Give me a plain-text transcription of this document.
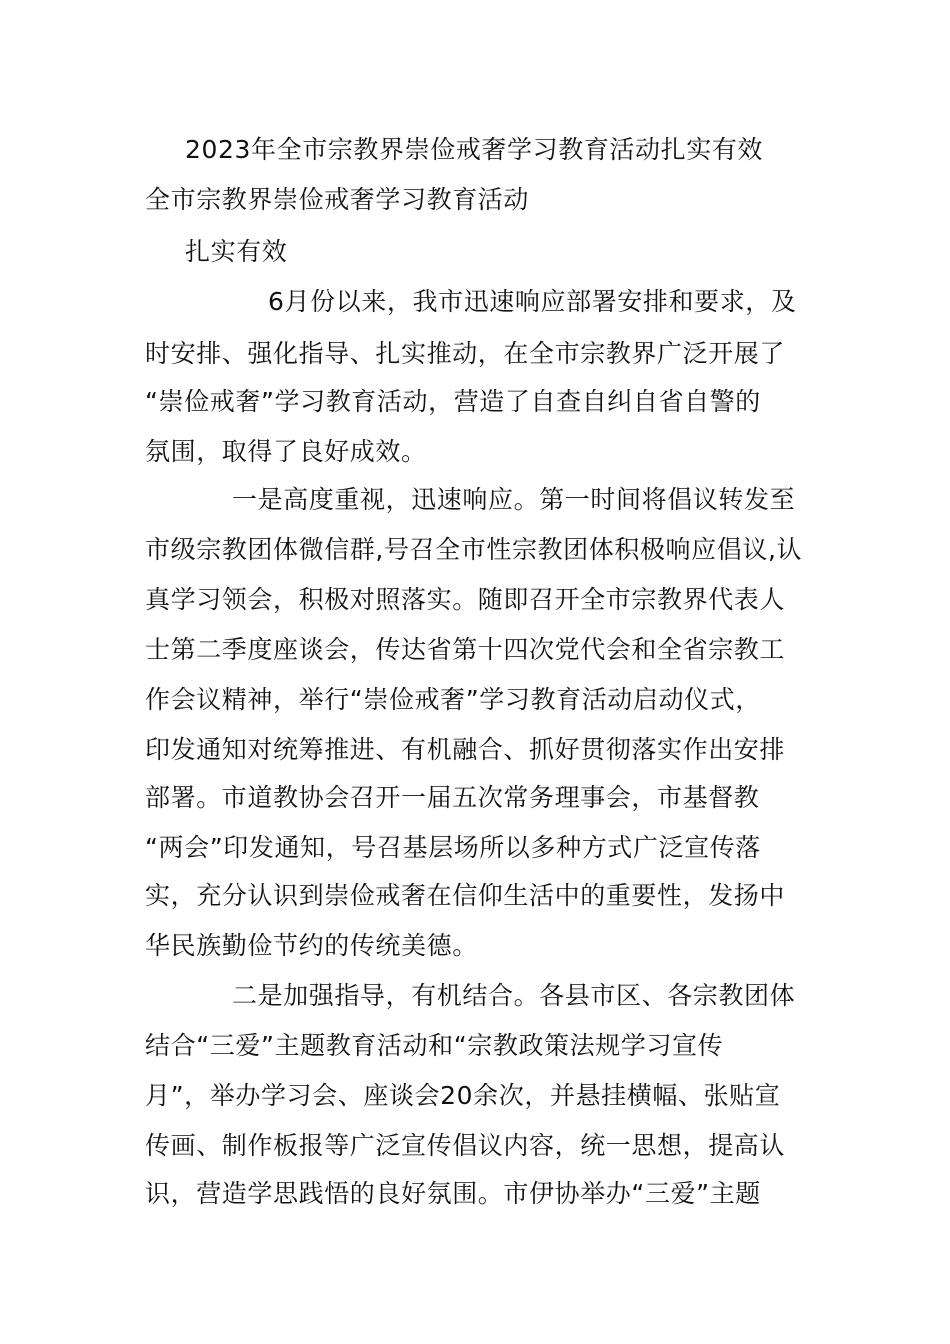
2023年全市宗教界崇俭戒奢学习教育活动扎实有效
全市宗教界崇俭戒奢学习教育活动
扎实有效
6月份以来，我市迅速响应部署安排和要求，及
时安排、强化指导、扎实推动，在全市宗教界广泛开展了
“崇俭戒奢”学习教育活动，营造了自查自纠自省自警的
氛围，取得了良好成效。
一是高度重视，迅速响应。第一时间将倡议转发至
市级宗教团体微信群,号召全市性宗教团体积极响应倡议,认
真学习领会，积极对照落实。随即召开全市宗教界代表人
士第二季度座谈会，传达省第十四次党代会和全省宗教工
作会议精神，举行“崇俭戒奢”学习教育活动启动仪式，
印发通知对统筹推进、有机融合、抓好贯彻落实作出安排
部署。市道教协会召开一届五次常务理事会，市基督教
“两会”印发通知，号召基层场所以多种方式广泛宣传落
实，充分认识到崇俭戒奢在信仰生活中的重要性，发扬中
华民族勤俭节约的传统美德。
二是加强指导，有机结合。各县市区、各宗教团体
结合“三爱”主题教育活动和“宗教政策法规学习宣传
月”，举办学习会、座谈会20余次，并悬挂横幅、张贴宣
传画、制作板报等广泛宣传倡议内容，统一思想，提高认
识，营造学思践悟的良好氛围。市伊协举办“三爱”主题
